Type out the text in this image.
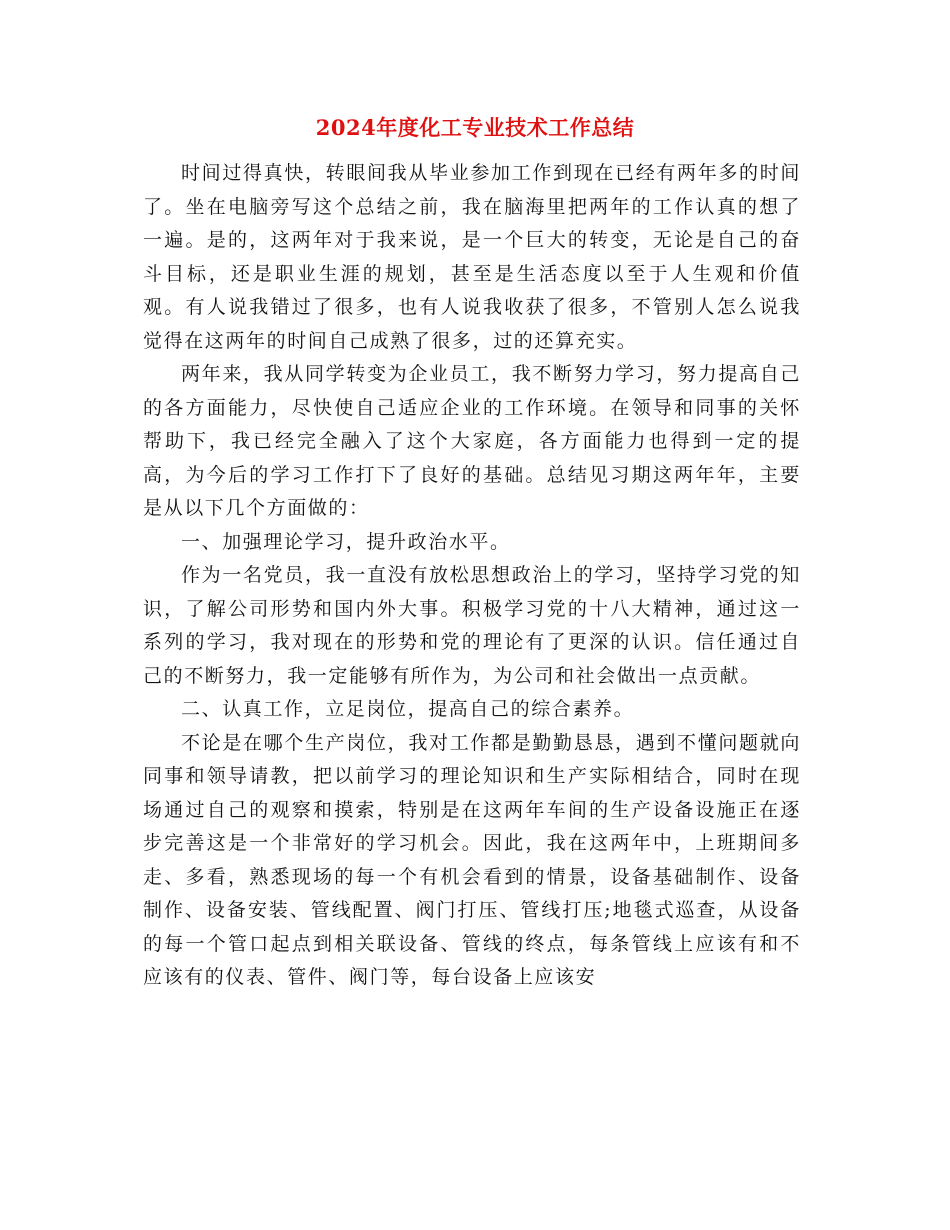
2024年度化工专业技术工作总结

时间过得真快，转眼间我从毕业参加工作到现在已经有两年多的时间了。坐在电脑旁写这个总结之前，我在脑海里把两年的工作认真的想了一遍。是的，这两年对于我来说，是一个巨大的转变，无论是自己的奋斗目标，还是职业生涯的规划，甚至是生活态度以至于人生观和价值观。有人说我错过了很多，也有人说我收获了很多，不管别人怎么说我觉得在这两年的时间自己成熟了很多，过的还算充实。

两年来，我从同学转变为企业员工，我不断努力学习，努力提高自己的各方面能力，尽快使自己适应企业的工作环境。在领导和同事的关怀帮助下，我已经完全融入了这个大家庭，各方面能力也得到一定的提高，为今后的学习工作打下了良好的基础。总结见习期这两年年，主要是从以下几个方面做的：

一、加强理论学习，提升政治水平。

作为一名党员，我一直没有放松思想政治上的学习，坚持学习党的知识，了解公司形势和国内外大事。积极学习党的十八大精神，通过这一系列的学习，我对现在的形势和党的理论有了更深的认识。信任通过自己的不断努力，我一定能够有所作为，为公司和社会做出一点贡献。

二、认真工作，立足岗位，提高自己的综合素养。

不论是在哪个生产岗位，我对工作都是勤勤恳恳，遇到不懂问题就向同事和领导请教，把以前学习的理论知识和生产实际相结合，同时在现场通过自己的观察和摸索，特别是在这两年车间的生产设备设施正在逐步完善这是一个非常好的学习机会。因此，我在这两年中，上班期间多走、多看，熟悉现场的每一个有机会看到的情景，设备基础制作、设备制作、设备安装、管线配置、阀门打压、管线打压;地毯式巡查，从设备的每一个管口起点到相关联设备、管线的终点，每条管线上应该有和不应该有的仪表、管件、阀门等，每台设备上应该安
